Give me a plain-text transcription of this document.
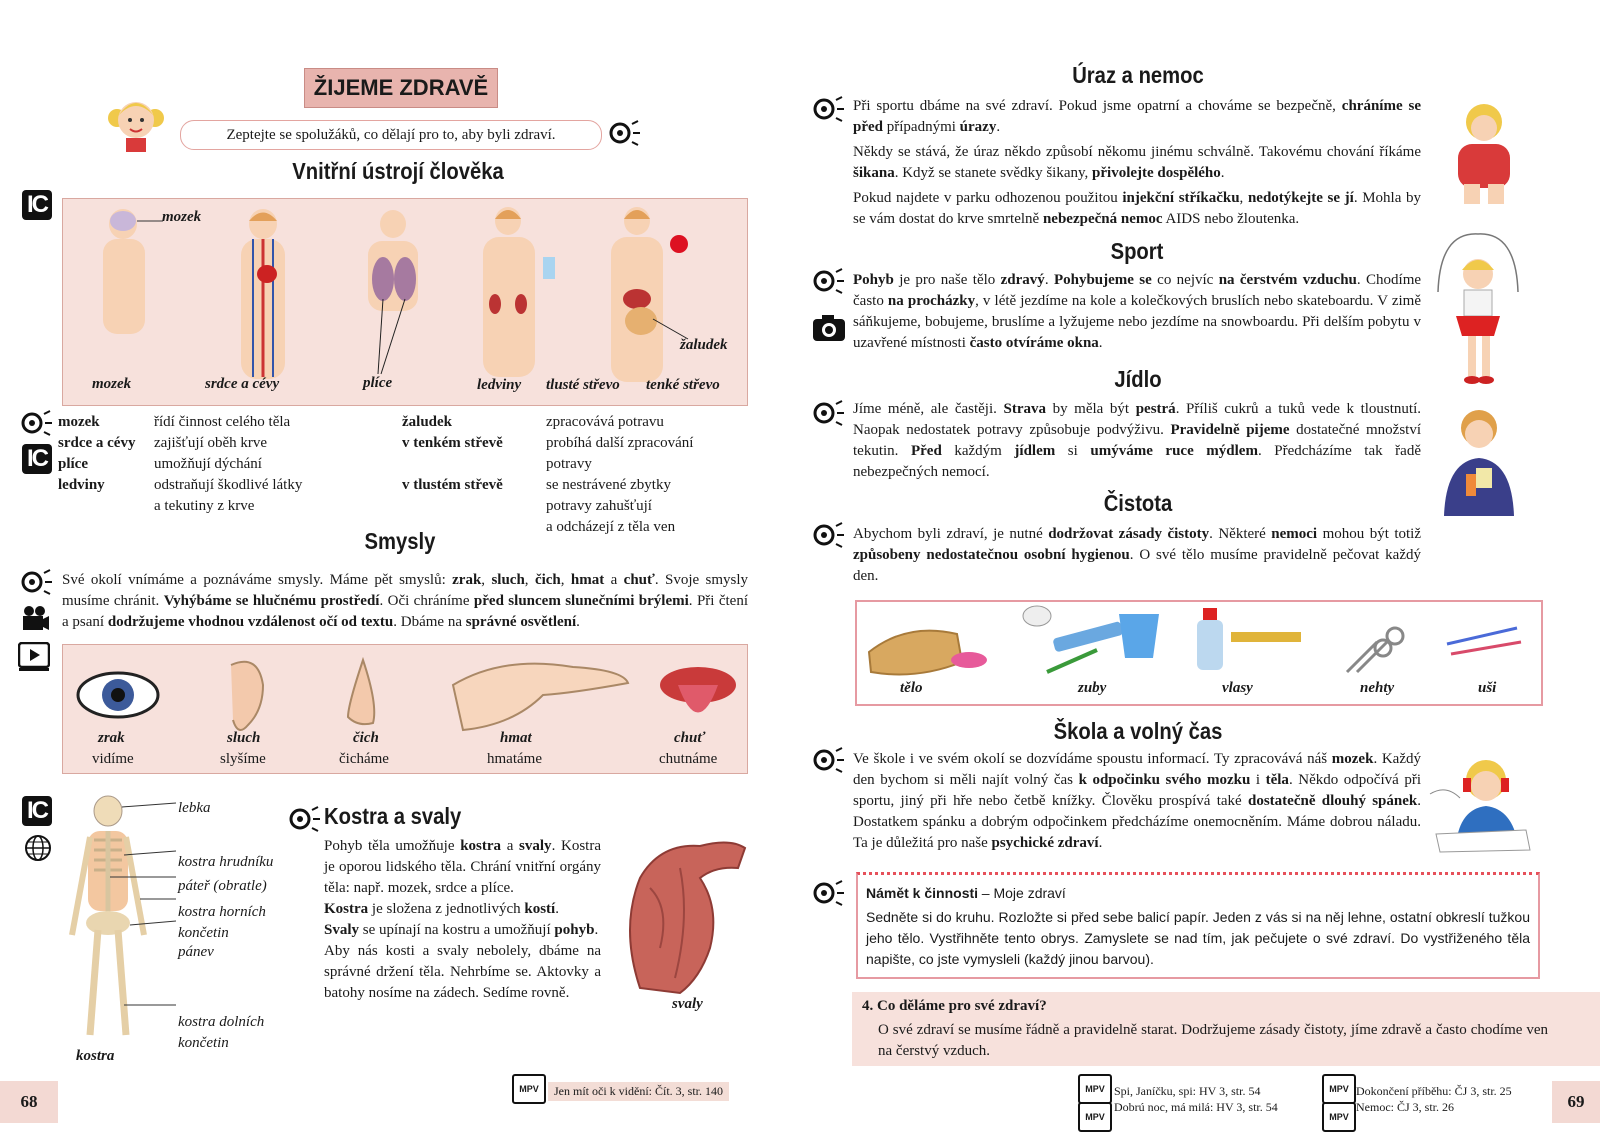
ŽIJEME ZDRAVĚ
Zeptejte se spolužáků, co dělají pro to, aby byli zdraví.
Vnitřní ústrojí člověka
IC	mozek
mozek	srdce a cévy	plíce	ledviny tlusté střevo tenké střevo
žaludek
IC
mozek	řídí činnost celého těla
srdce a cévy	zajišťují oběh krve
plíce	umožňují dýchání
ledviny	odstraňují škodlivé látky
	a tekutiny z krve
žaludek	zpracovává potravu
v tenkém střevě	probíhá další zpracování
	potravy
v tlustém střevě	se nestrávené zbytky
	potravy zahušťují
	a odcházejí z těla ven
Smysly
Své okolí vnímáme a poznáváme smysly. Máme pět smyslů: zrak, sluch, čich, hmat a chuť. Svoje smysly musíme chránit. Vyhýbáme se hlučnému prostředí. Oči chráníme před sluncem slunečními brýlemi. Při čtení a psaní dodržujeme vhodnou vzdálenost očí od textu. Dbáme na správné osvětlení.
zrak
vidíme
sluch
slyšíme
čich
čicháme
hmat
hmatáme
chuť
chutnáme
IC	lebka
kostra hrudníku
páteř (obratle)
kostra horních končetin
pánev
kostra dolních končetin
kostra
Kostra a svaly
Pohyb těla umožňuje kostra a svaly. Kostra je oporou lidského těla. Chrání vnitřní orgány těla: např. mozek, srdce a plíce.
Kostra je složena z jednotlivých kostí.
Svaly se upínají na kostru a umožňují pohyb.
Aby nás kosti a svaly nebolely, dbáme na správné držení těla. Nehrbíme se. Aktovky a batohy nosíme na zádech. Sedíme rovně.
svaly
MPV	Jen mít oči k vidění: Čít. 3, str. 140
68
Úraz a nemoc
Při sportu dbáme na své zdraví. Pokud jsme opatrní a chováme se bezpečně, chráníme se před případnými úrazy.
Někdy se stává, že úraz někdo způsobí někomu jinému schválně. Takovému chování říkáme šikana. Když se stanete svědky šikany, přivolejte dospělého.
Pokud najdete v parku odhozenou použitou injekční stříkačku, nedotýkejte se jí. Mohla by se vám dostat do krve smrtelně nebezpečná nemoc AIDS nebo žloutenka.
Sport
Pohyb je pro naše tělo zdravý. Pohybujeme se co nejvíc na čerstvém vzduchu. Chodíme často na procházky, v létě jezdíme na kole a kolečkových bruslích nebo skateboardu. V zimě sáňkujeme, bobujeme, bruslíme a lyžujeme nebo jezdíme na snowboardu. Při delším pobytu v uzavřené místnosti často otvíráme okna.
Jídlo
Jíme méně, ale častěji. Strava by měla být pestrá. Příliš cukrů a tuků vede k tloustnutí. Naopak nedostatek potravy způsobuje podvýživu. Pravidelně pijeme dostatečné množství tekutin. Před každým jídlem si umýváme ruce mýdlem. Předcházíme tak řadě nebezpečných nemocí.
Čistota
Abychom byli zdraví, je nutné dodržovat zásady čistoty. Některé nemoci mohou být totiž způsobeny nedostatečnou osobní hygienou. O své tělo musíme pravidelně pečovat každý den.
tělo	zuby	vlasy	nehty	uši
Škola a volný čas
Ve škole i ve svém okolí se dozvídáme spoustu informací. Ty zpracovává náš mozek. Každý den bychom si měli najít volný čas k odpočinku svého mozku i těla. Někdo odpočívá při sportu, jiný při hře nebo četbě knížky. Člověku prospívá také dostatečně dlouhý spánek. Dostatkem spánku a dobrým odpočinkem předcházíme onemocněním. Máme dobrou náladu. Ta je důležitá pro naše psychické zdraví.
Námět k činnosti – Moje zdraví
Sedněte si do kruhu. Rozložte si před sebe balicí papír. Jeden z vás si na něj lehne, ostatní obkreslí tužkou jeho tělo. Vystřihněte tento obrys. Zamyslete se nad tím, jak pečujete o své zdraví. Do vystřiženého těla napište, co jste vymysleli (každý jinou barvou).
4. Co děláme pro své zdraví?
O své zdraví se musíme řádně a pravidelně starat. Dodržujeme zásady čistoty, jíme zdravě a často chodíme ven na čerstvý vzduch.
MPV
MPV
Spi, Janíčku, spi: HV 3, str. 54
Dobrú noc, má milá: HV 3, str. 54
MPV
MPV
Dokončení příběhu: ČJ 3, str. 25
Nemoc: ČJ 3, str. 26	69
